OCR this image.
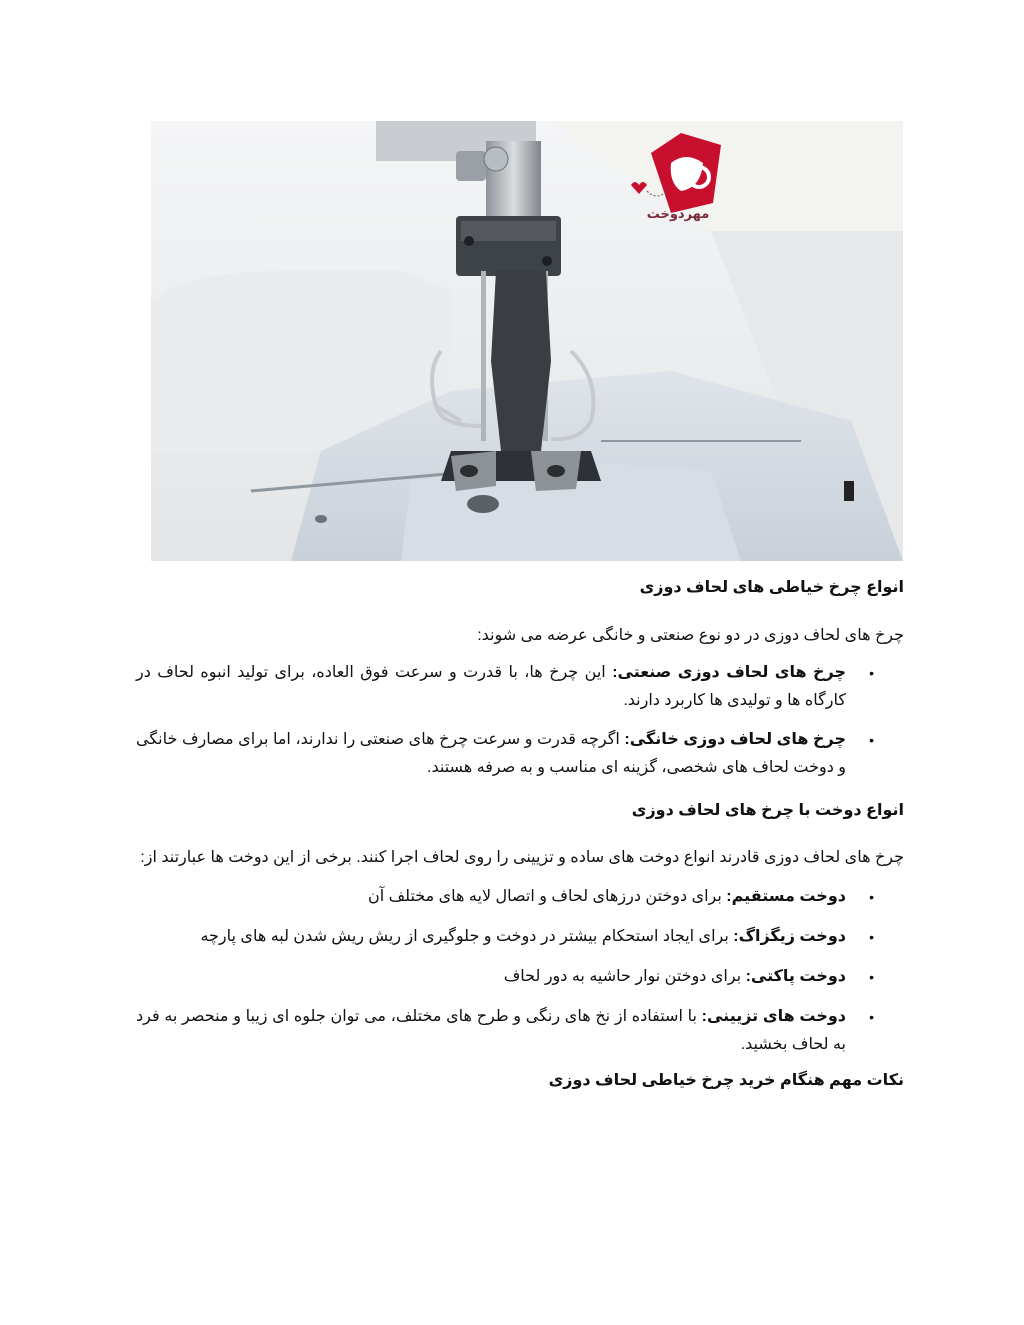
مهردوخت
انواع چرخ خیاطی های لحاف دوزی

چرخ های لحاف دوزی در دو نوع صنعتی و خانگی عرضه می شوند:

•
چرخ های لحاف دوزی صنعتی: این چرخ ها، با قدرت و سرعت فوق العاده، برای تولید انبوه لحاف در کارگاه ها و تولیدی ها کاربرد دارند.
•
چرخ های لحاف دوزی خانگی: اگرچه قدرت و سرعت چرخ های صنعتی را ندارند، اما برای مصارف خانگی و دوخت لحاف های شخصی، گزینه ای مناسب و به صرفه هستند.
انواع دوخت با چرخ های لحاف دوزی

چرخ های لحاف دوزی قادرند انواع دوخت های ساده و تزیینی را روی لحاف اجرا کنند. برخی از این دوخت ها عبارتند از:

•
دوخت مستقیم: برای دوختن درزهای لحاف و اتصال لایه های مختلف آن
•
دوخت زیگزاگ: برای ایجاد استحکام بیشتر در دوخت و جلوگیری از ریش ریش شدن لبه های پارچه
•
دوخت پاکتی: برای دوختن نوار حاشیه به دور لحاف
•
دوخت های تزیینی: با استفاده از نخ های رنگی و طرح های مختلف، می توان جلوه ای زیبا و منحصر به فرد به لحاف بخشید.
نکات مهم هنگام خرید چرخ خیاطی لحاف دوزی
